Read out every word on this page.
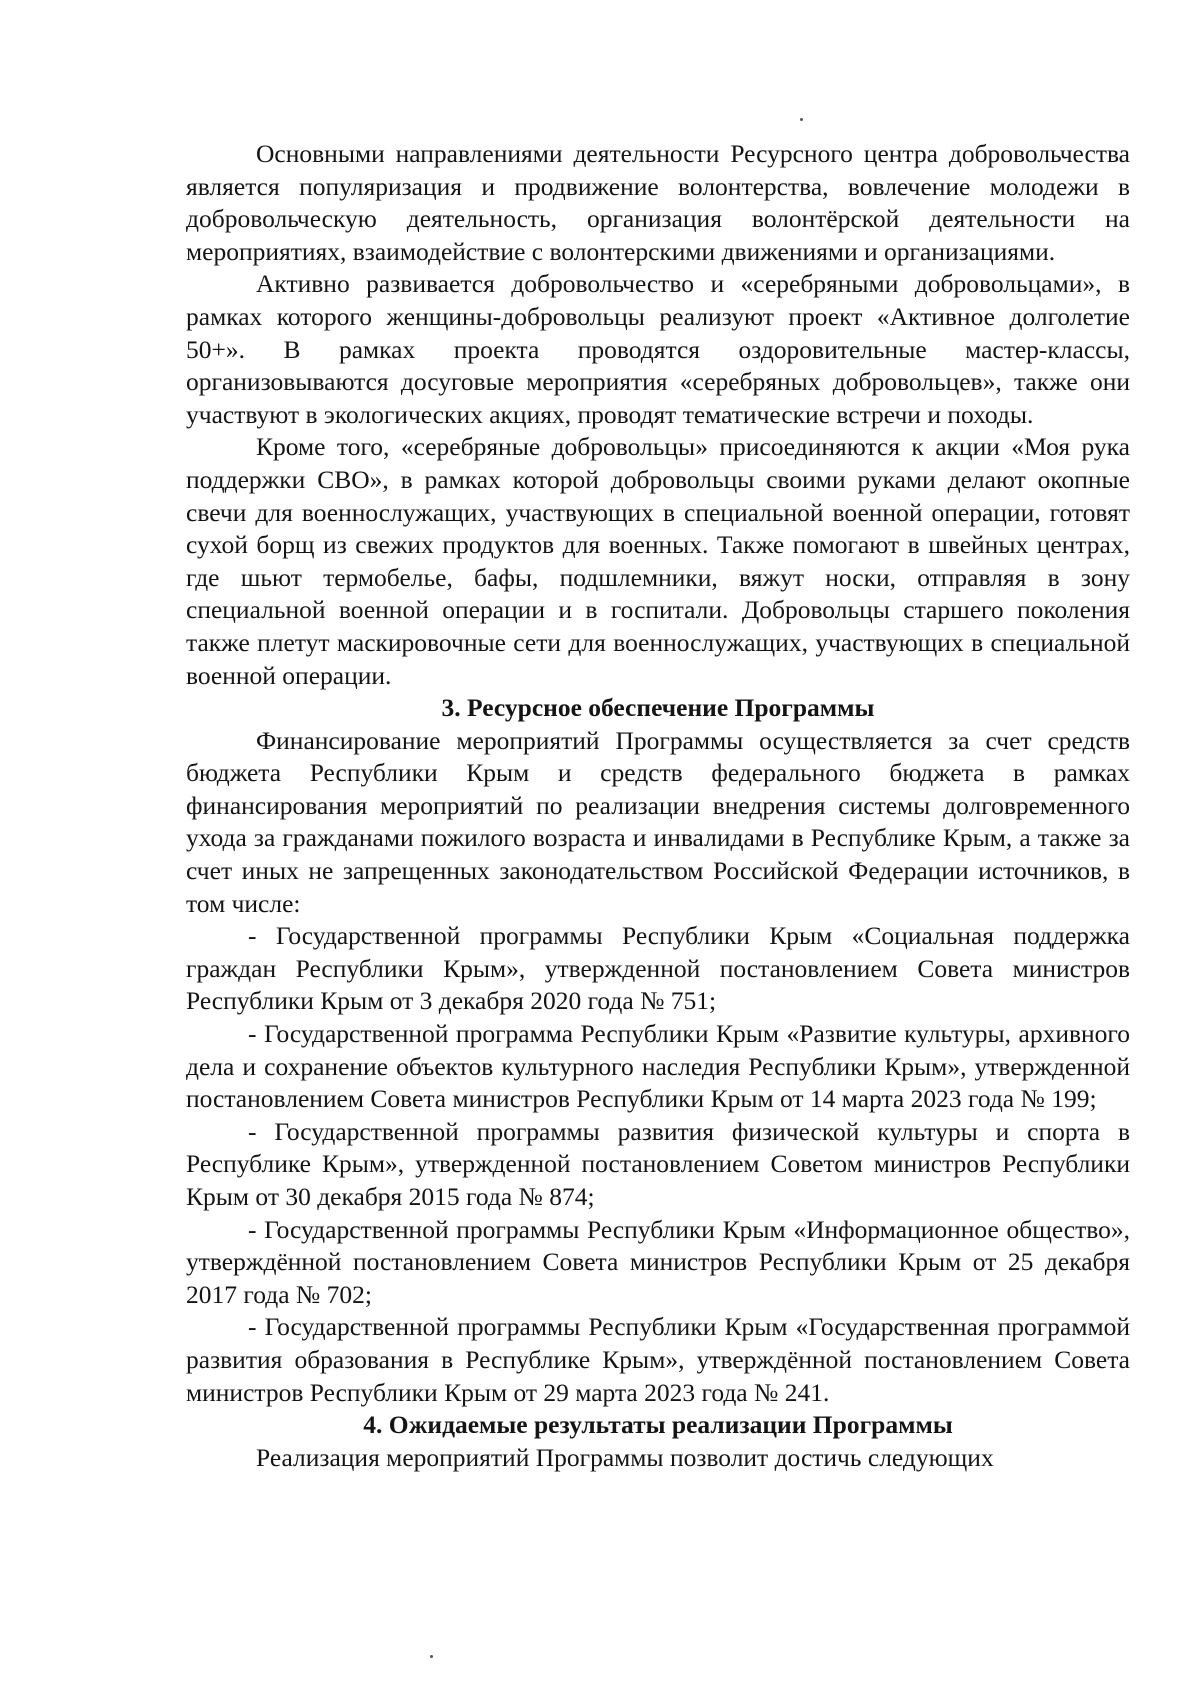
Основными направлениями деятельности Ресурсного центра добровольчества является популяризация и продвижение волонтерства, вовлечение молодежи в добровольческую деятельность, организация волонтёрской деятельности на мероприятиях, взаимодействие с волонтерскими движениями и организациями.

Активно развивается добровольчество и «серебряными добровольцами», в рамках которого женщины-добровольцы реализуют проект «Активное долголетие 50+». В рамках проекта проводятся оздоровительные мастер-классы, организовываются досуговые мероприятия «серебряных добровольцев», также они участвуют в экологических акциях, проводят тематические встречи и походы.

Кроме того, «серебряные добровольцы» присоединяются к акции «Моя рука поддержки СВО», в рамках которой добровольцы своими руками делают окопные свечи для военнослужащих, участвующих в специальной военной операции, готовят сухой борщ из свежих продуктов для военных. Также помогают в швейных центрах, где шьют термобелье, бафы, подшлемники, вяжут носки, отправляя в зону специальной военной операции и в госпитали. Добровольцы старшего поколения также плетут маскировочные сети для военнослужащих, участвующих в специальной военной операции.

3. Ресурсное обеспечение Программы

Финансирование мероприятий Программы осуществляется за счет средств бюджета Республики Крым и средств федерального бюджета в рамках финансирования мероприятий по реализации внедрения системы долговременного ухода за гражданами пожилого возраста и инвалидами в Республике Крым, а также за счет иных не запрещенных законодательством Российской Федерации источников, в том числе:

- Государственной программы Республики Крым «Социальная поддержка граждан Республики Крым», утвержденной постановлением Совета министров Республики Крым от 3 декабря 2020 года № 751;

- Государственной программа Республики Крым «Развитие культуры, архивного дела и сохранение объектов культурного наследия Республики Крым», утвержденной постановлением Совета министров Республики Крым от 14 марта 2023 года № 199;

- Государственной программы развития физической культуры и спорта в Республике Крым», утвержденной постановлением Советом министров Республики Крым от 30 декабря 2015 года № 874;

- Государственной программы Республики Крым «Информационное общество», утверждённой постановлением Совета министров Республики Крым от 25 декабря 2017 года № 702;

- Государственной программы Республики Крым «Государственная программой развития образования в Республике Крым», утверждённой постановлением Совета министров Республики Крым от 29 марта 2023 года № 241.

4. Ожидаемые результаты реализации Программы

Реализация мероприятий Программы позволит достичь следующих
